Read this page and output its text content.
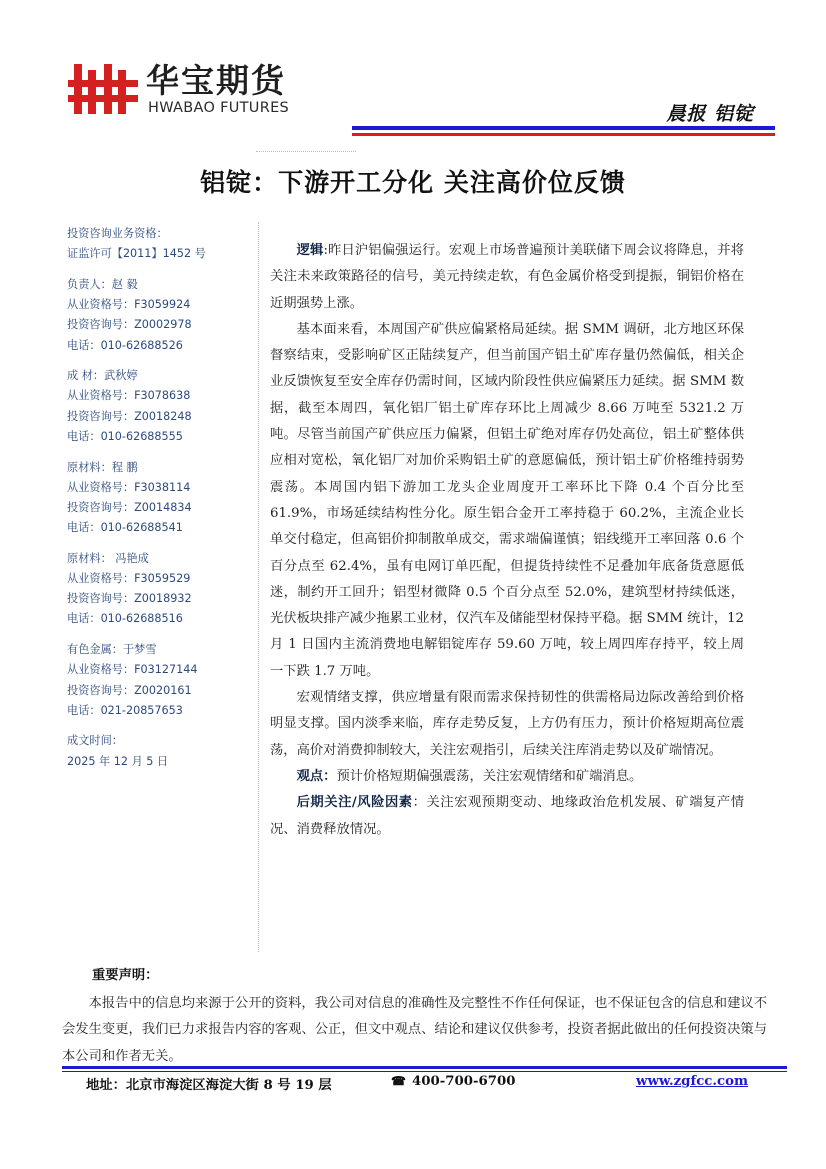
华宝期货
HWABAO FUTURES	晨报 铝锭
铝锭：下游开工分化 关注高价位反馈
投资咨询业务资格：
证监许可【2011】1452 号
负责人：赵 毅
从业资格号：F3059924
投资咨询号：Z0002978
电话：010-62688526
成 材：武秋婷
从业资格号：F3078638
投资咨询号：Z0018248
电话：010-62688555
原材料：程 鹏
从业资格号：F3038114
投资咨询号：Z0014834
电话：010-62688541
原材料： 冯艳成
从业资格号：F3059529
投资咨询号：Z0018932
电话：010-62688516
有色金属：于梦雪
从业资格号：F03127144
投资咨询号：Z0020161
电话：021-20857653
成文时间：
2025 年 12 月 5 日

逻辑:昨日沪铝偏强运行。宏观上市场普遍预计美联储下周会议将降息，并将关注未来政策路径的信号，美元持续走软，有色金属价格受到提振，铜铝价格在近期强势上涨。

基本面来看，本周国产矿供应偏紧格局延续。据 SMM 调研，北方地区环保督察结束，受影响矿区正陆续复产，但当前国产铝土矿库存量仍然偏低，相关企业反馈恢复至安全库存仍需时间，区域内阶段性供应偏紧压力延续。据 SMM 数据，截至本周四，氧化铝厂铝土矿库存环比上周减少 8.66 万吨至 5321.2 万吨。尽管当前国产矿供应压力偏紧，但铝土矿绝对库存仍处高位，铝土矿整体供应相对宽松，氧化铝厂对加价采购铝土矿的意愿偏低，预计铝土矿价格维持弱势震荡。本周国内铝下游加工龙头企业周度开工率环比下降 0.4 个百分比至 61.9%，市场延续结构性分化。原生铝合金开工率持稳于 60.2%，主流企业长单交付稳定，但高铝价抑制散单成交，需求端偏谨慎；铝线缆开工率回落 0.6 个百分点至 62.4%，虽有电网订单匹配，但提货持续性不足叠加年底备货意愿低迷，制约开工回升；铝型材微降 0.5 个百分点至 52.0%，建筑型材持续低迷，光伏板块排产减少拖累工业材，仅汽车及储能型材保持平稳。据 SMM 统计，12 月 1 日国内主流消费地电解铝锭库存 59.60 万吨，较上周四库存持平，较上周一下跌 1.7 万吨。

宏观情绪支撑，供应增量有限而需求保持韧性的供需格局边际改善给到价格明显支撑。国内淡季来临，库存走势反复，上方仍有压力，预计价格短期高位震荡，高价对消费抑制较大，关注宏观指引，后续关注库消走势以及矿端情况。

观点：预计价格短期偏强震荡，关注宏观情绪和矿端消息。

后期关注/风险因素：关注宏观预期变动、地缘政治危机发展、矿端复产情况、消费释放情况。

重要声明：
本报告中的信息均来源于公开的资料，我公司对信息的准确性及完整性不作任何保证，也不保证包含的信息和建议不会发生变更，我们已力求报告内容的客观、公正，但文中观点、结论和建议仅供参考，投资者据此做出的任何投资决策与本公司和作者无关。
地址：北京市海淀区海淀大街 8 号 19 层	☎ 400-700-6700	www.zgfcc.com
